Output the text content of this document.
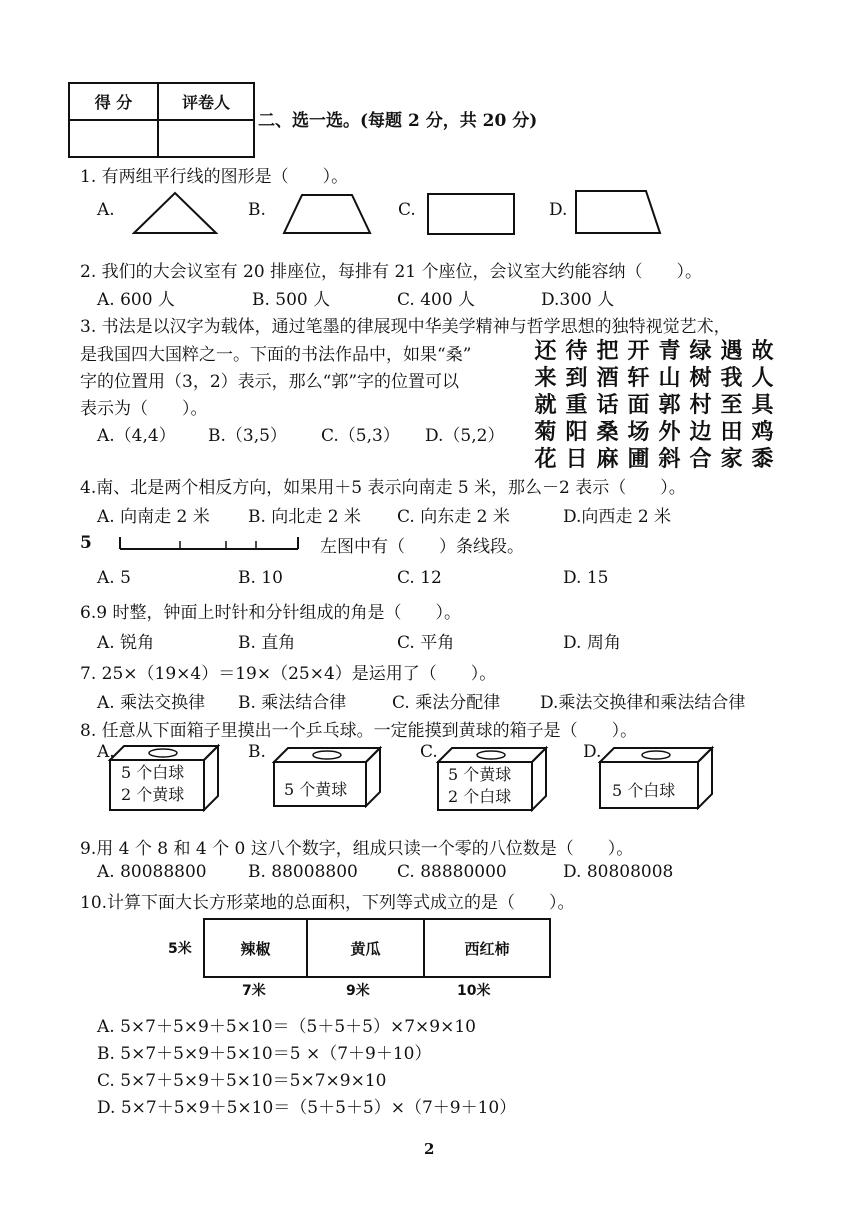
得 分	评卷人

二、选一选。(每题 2 分，共 20 分)
1. 有两组平行线的图形是（　　）。
A.	B.	C.	D.
2. 我们的大会议室有 20 排座位，每排有 21 个座位，会议室大约能容纳（　　）。
A. 600 人	B. 500 人	C. 400 人	D.300 人
3. 书法是以汉字为载体，通过笔墨的律展现中华美学精神与哲学思想的独特视觉艺术，
是我国四大国粹之一。下面的书法作品中，如果“桑”
字的位置用（3，2）表示，那么“郭”字的位置可以
表示为（　　）。
A.（4,4） B.（3,5） C.（5,3） D.（5,2）
还 待 把 开 青 绿 遇 故
来 到 酒 轩 山 树 我 人
就 重 话 面 郭 村 至 具
菊 阳 桑 场 外 边 田 鸡
花 日 麻 圃 斜 合 家 黍
4.南、北是两个相反方向，如果用＋5 表示向南走 5 米，那么－2 表示（　　）。
A. 向南走 2 米 B. 向北走 2 米 C. 向东走 2 米	D.向西走 2 米
5	左图中有（　　）条线段。
A. 5	B. 10	C. 12	D. 15
6.9 时整，钟面上时针和分针组成的角是（　　）。
A. 锐角	B. 直角	C. 平角	D. 周角
7. 25×（19×4）＝19×（25×4）是运用了（　　）。
A. 乘法交换律 B. 乘法结合律	C. 乘法分配律 D.乘法交换律和乘法结合律
8. 任意从下面箱子里摸出一个乒乓球。一定能摸到黄球的箱子是（　　）。
A.
5 个白球
2 个黄球
B.
5 个黄球
C.
5 个黄球
2 个白球
D.
5 个白球
9.用 4 个 8 和 4 个 0 这八个数字，组成只读一个零的八位数是（　　）。
A. 80088800 B. 88008800 C. 88880000	D. 80808008
10.计算下面大长方形菜地的总面积，下列等式成立的是（　　）。
5米	辣椒	黄瓜	西红柿
7米	9米	10米
A. 5×7＋5×9＋5×10＝（5＋5＋5）×7×9×10
B. 5×7＋5×9＋5×10＝5 ×（7＋9＋10）
C. 5×7＋5×9＋5×10＝5×7×9×10
D. 5×7＋5×9＋5×10＝（5＋5＋5）×（7＋9＋10）
2
